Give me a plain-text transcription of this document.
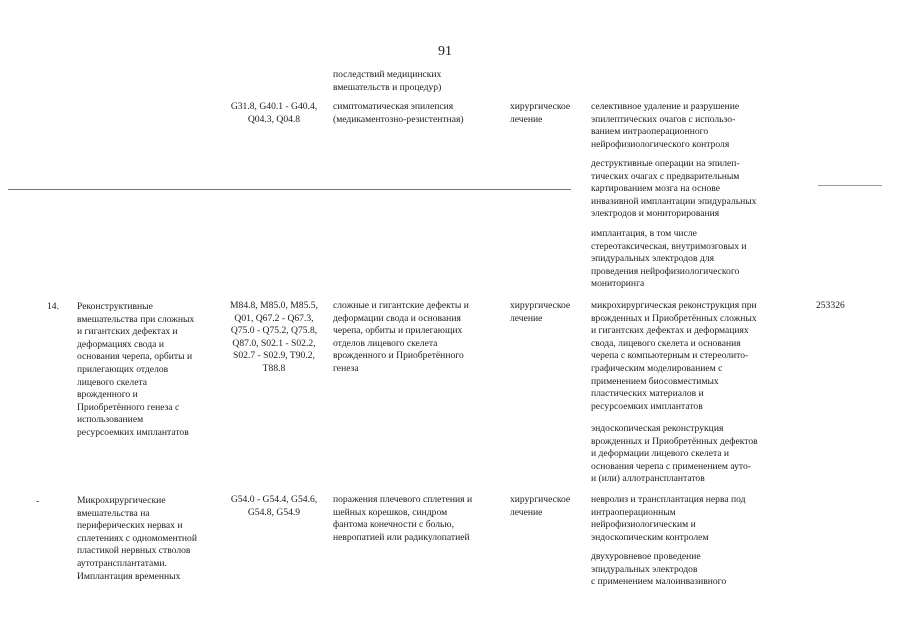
91
последствий медицинских
вмешательств и процедур)
G31.8, G40.1 - G40.4,
Q04.3, Q04.8
симптоматическая эпилепсия
(медикаментозно-резистентная)
хирургическое
лечение
селективное удаление и разрушение
эпилептических очагов с использо-
ванием интраоперационного
нейрофизиологического контроля
деструктивные операции на эпилеп-
тических очагах с предварительным
картированием мозга на основе
инвазивной имплантации эпидуральных
электродов и мониторирования
имплантация, в том числе
стереотаксическая, внутримозговых и
эпидуральных электродов для
проведения нейрофизиологического
мониторинга
14. Реконструктивные
вмешательства при сложных
и гигантских дефектах и
деформациях свода и
основания черепа, орбиты и
прилегающих отделов
лицевого скелета
врожденного и
Приобретённого генеза с
использованием
ресурсоемких имплантатов
M84.8, M85.0, M85.5,
Q01, Q67.2 - Q67.3,
Q75.0 - Q75.2, Q75.8,
Q87.0, S02.1 - S02.2,
S02.7 - S02.9, T90.2,
T88.8
сложные и гигантские дефекты и
деформации свода и основания
черепа, орбиты и прилегающих
отделов лицевого скелета
врожденного и Приобретённого
генеза
хирургическое
лечение
микрохирургическая реконструкция при
врожденных и Приобретённых сложных
и гигантских дефектах и деформациях
свода, лицевого скелета и основания
черепа с компьютерным и стереолито-
графическим моделированием с
применением биосовместимых
пластических материалов и
ресурсоемких имплантатов
эндоскопическая реконструкция
врожденных и Приобретённых дефектов
и деформации лицевого скелета и
основания черепа с применением ауто-
и (или) аллотрансплантатов
253326
-	Микрохирургические
вмешательства на
периферических нервах и
сплетениях с одномоментной
пластикой нервных стволов
аутотрансплантатами.
Имплантация временных
G54.0 - G54.4, G54.6,
G54.8, G54.9
поражения плечевого сплетения и
шейных корешков, синдром
фантома конечности с болью,
невропатией или радикулопатией
хирургическое
лечение
невролиз и трансплантация нерва под
интраоперационным
нейрофизиологическим и
эндоскопическим контролем
двухуровневое проведение
эпидуральных электродов
с применением малоинвазивного
